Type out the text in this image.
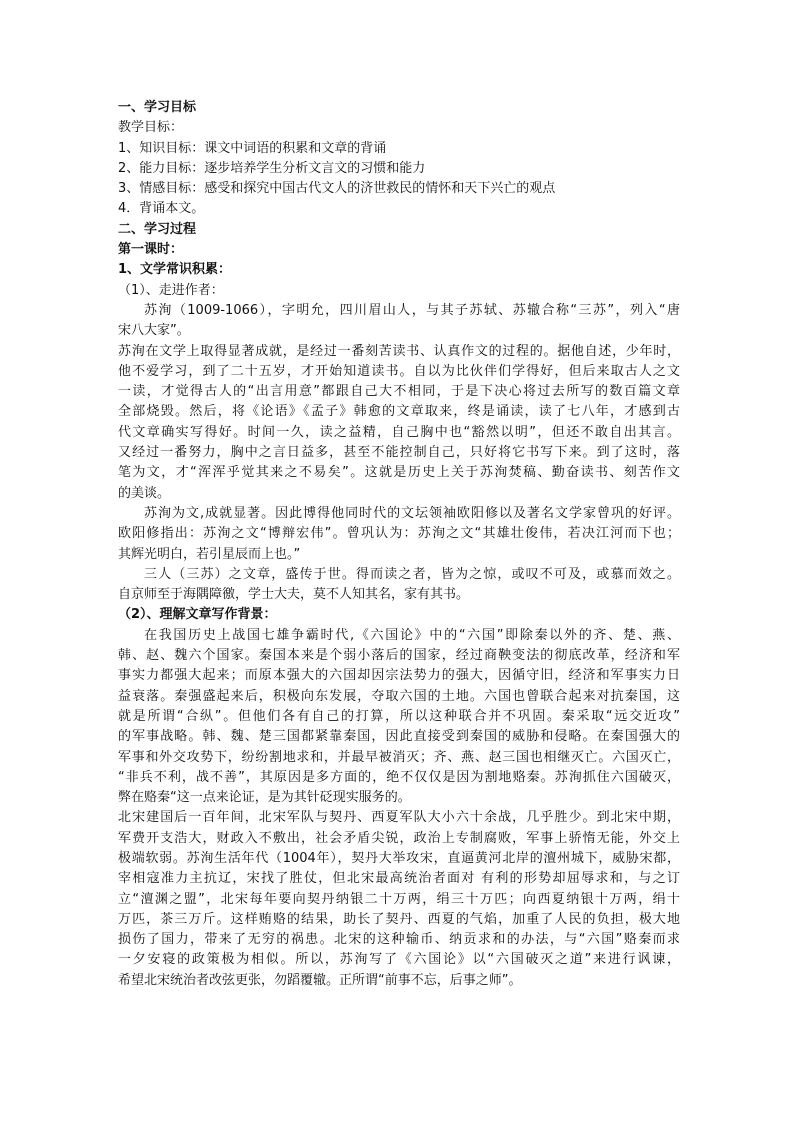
一、学习目标
教学目标：
1、知识目标：课文中词语的积累和文章的背诵
2、能力目标：逐步培养学生分析文言文的习惯和能力
3、情感目标：感受和探究中国古代文人的济世救民的情怀和天下兴亡的观点
4．背诵本文。
二、学习过程
第一课时：
1、文学常识积累：
（1）、走进作者：
苏洵（1009-1066），字明允，四川眉山人，与其子苏轼、苏辙合称“三苏”，列入“唐
宋八大家”。
苏洵在文学上取得显著成就，是经过一番刻苦读书、认真作文的过程的。据他自述，少年时，
他不爱学习，到了二十五岁，才开始知道读书。自以为比伙伴们学得好，但后来取古人之文
一读，才觉得古人的“出言用意”都跟自己大不相同，于是下决心将过去所写的数百篇文章
全部烧毁。然后，将《论语》《孟子》韩愈的文章取来，终是诵读，读了七八年，才感到古
代文章确实写得好。时间一久，读之益精，自己胸中也“豁然以明”，但还不敢自出其言。
又经过一番努力，胸中之言日益多，甚至不能控制自己，只好将它书写下来。到了这时，落
笔为文，才“浑浑乎觉其来之不易矣”。这就是历史上关于苏洵焚稿、勤奋读书、刻苦作文
的美谈。
苏洵为文,成就显著。因此博得他同时代的文坛领袖欧阳修以及著名文学家曾巩的好评。
欧阳修指出：苏洵之文“博辩宏伟”。曾巩认为：苏洵之文“其雄壮俊伟，若决江河而下也；
其辉光明白，若引星辰而上也。”
三人（三苏）之文章，盛传于世。得而读之者，皆为之惊，或叹不可及，或慕而效之。
自京师至于海隅障徼，学士大夫，莫不人知其名，家有其书。
（2）、理解文章写作背景：
在我国历史上战国七雄争霸时代,《六国论》中的“六国”即除秦以外的齐、楚、燕、
韩、赵、魏六个国家。秦国本来是个弱小落后的国家，经过商鞅变法的彻底改革，经济和军
事实力都强大起来；而原本强大的六国却因宗法势力的强大，因循守旧，经济和军事实力日
益衰落。秦强盛起来后，积极向东发展，夺取六国的土地。六国也曾联合起来对抗秦国，这
就是所谓“合纵”。但他们各有自己的打算，所以这种联合并不巩固。秦采取“远交近攻”
的军事战略。韩、魏、楚三国都紧靠秦国，因此直接受到秦国的威胁和侵略。在秦国强大的
军事和外交攻势下，纷纷割地求和，并最早被消灭；齐、燕、赵三国也相继灭亡。六国灭亡，
“非兵不利，战不善”，其原因是多方面的，绝不仅仅是因为割地赂秦。苏洵抓住六国破灭，
弊在赂秦“这一点来论证，是为其针砭现实服务的。
北宋建国后一百年间，北宋军队与契丹、西夏军队大小六十余战，几乎胜少。到北宋中期，
军费开支浩大，财政入不敷出，社会矛盾尖锐，政治上专制腐败，军事上骄惰无能，外交上
极端软弱。苏洵生活年代（1004年），契丹大举攻宋，直逼黄河北岸的澶州城下，威胁宋都，
宰相寇准力主抗辽，宋找了胜仗，但北宋最高统治者面对 有利的形势却屈辱求和，与之订
立“澶渊之盟”，北宋每年要向契丹纳银二十万两，绢三十万匹；向西夏纳银十万两，绢十
万匹，茶三万斤。这样贿赂的结果，助长了契丹、西夏的气焰，加重了人民的负担，极大地
损伤了国力，带来了无穷的祸患。北宋的这种输币、纳贡求和的办法，与“六国”赂秦而求
一夕安寝的政策极为相似。所以，苏洵写了《六国论》以“六国破灭之道”来进行讽谏，
希望北宋统治者改弦更张，勿蹈覆辙。正所谓“前事不忘，后事之师”。
